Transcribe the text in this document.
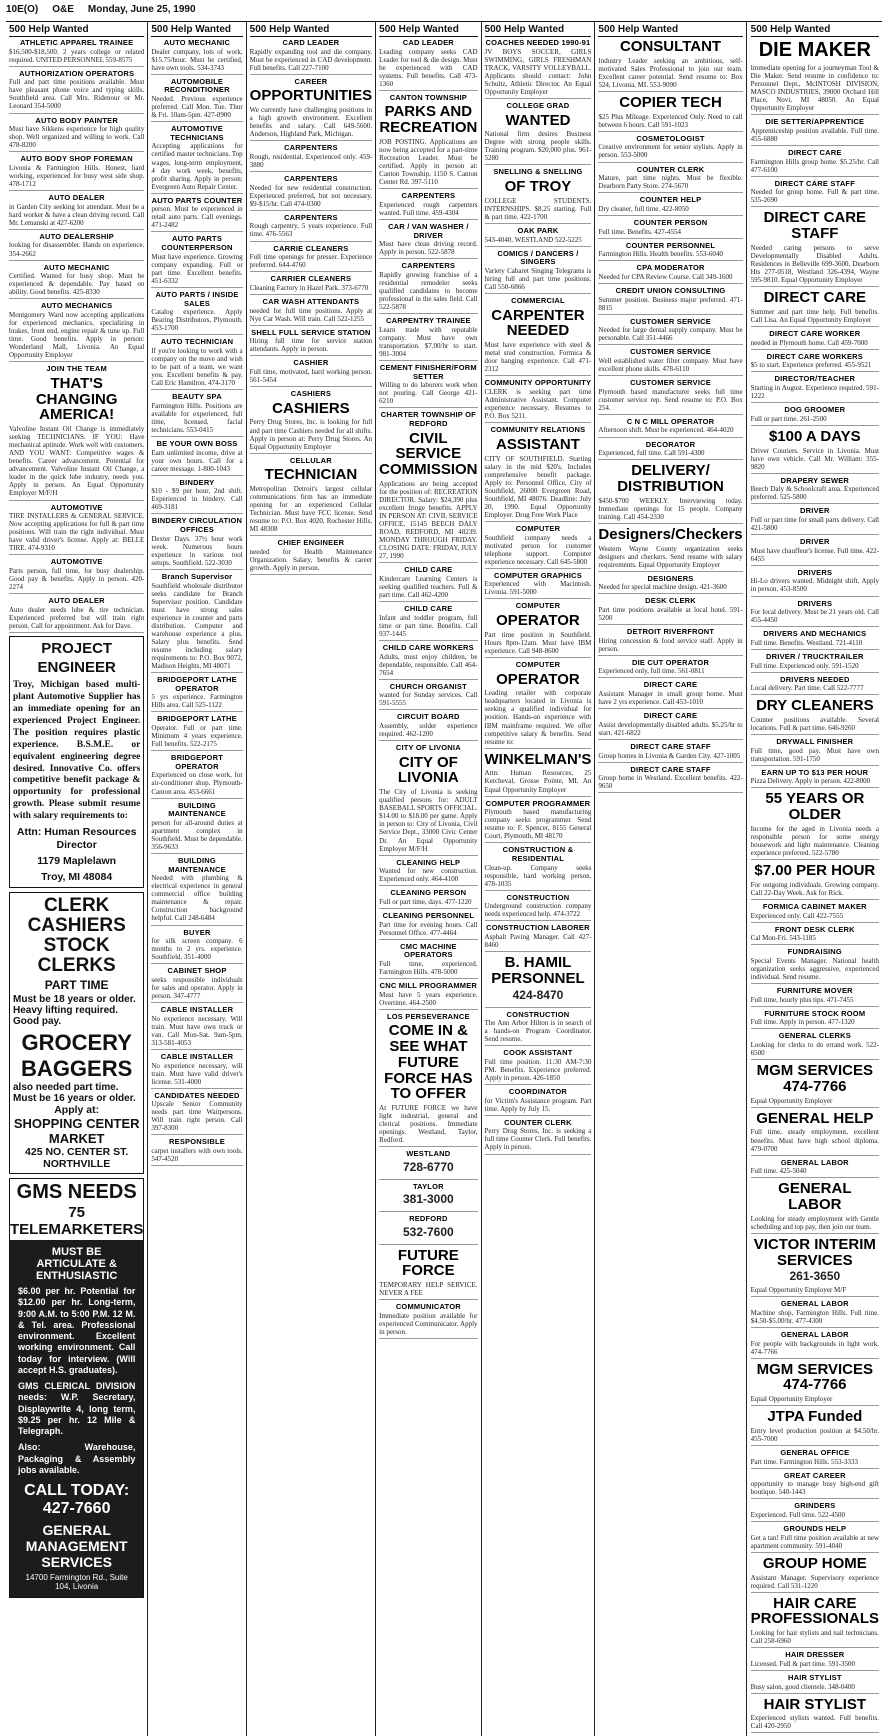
10E(O) O&E Monday, June 25, 1990
500 Help Wanted
ATHLETIC APPAREL TRAINEE
$16,500-$18,500. 2 years college or related required. UNITED PERSONNEL 559-8575
AUTHORIZATION OPERATORS
Full and part time positions available. Must have pleasant phone voice and typing skills. Southfield area. Call Mrs. Ridenour or Mr. Leonard 354-5000
AUTO BODY PAINTER
Must have Sikkens experience for high quality shop. Well organized and willing to work. Call 478-8200
AUTO BODY SHOP FOREMAN
Livonia & Farmington Hills. Honest, hard working, experienced for busy west side shop. 478-1712
AUTO DEALER
in Garden City seeking lot attendant. Must be a hard worker & have a clean driving record. Call Mr. Lemanski at 427-6200
AUTO DEALERSHIP
looking for disassembler. Hands on experience. 354-2662
AUTO MECHANIC
Certified. Wanted for busy shop. Must be experienced & dependable. Pay based on ability. Good benefits. 425-8330
AUTO MECHANICS
Montgomery Ward now accepting applications for experienced mechanics, specializing in brakes, front end, engine repair & tune up. Full time. Good benefits. Apply in person: Wonderland Mall, Livonia. An Equal Opportunity Employer
JOIN THE TEAM
THAT'S CHANGING AMERICA!
Valvoline Instant Oil Change is immediately seeking TECHNICIANS. IF YOU: Have mechanical aptitude. Work well with customers. AND YOU WANT: Competitive wages & benefits. Career advancement. Potential for advancement. Valvoline Instant Oil Change, a leader in the quick lube industry, needs you. Apply in person. An Equal Opportunity Employer M/F/H
AUTOMOTIVE
TIRE INSTALLERS & GENERAL SERVICE. Now accepting applications for full & part time positions. Will train the right individual. Must have valid driver's license. Apply at: BELLE TIRE. 474-9310
AUTOMOTIVE
Parts person, full time, for busy dealership. Good pay & benefits. Apply in person. 420-2274
AUTO DEALER
Auto dealer needs lube & tire technician. Experienced preferred but will train right person. Call for appointment. Ask for Dave.
PROJECT ENGINEER
Troy, Michigan based multi-plant Automotive Supplier has an immediate opening for an experienced Project Engineer. The position requires plastic experience. B.S.M.E. or equivalent engineering degree desired. Innovative Co. offers competitive benefit package & opportunity for professional growth. Please submit resume with salary requirements to:
Attn: Human Resources Director
1179 Maplelawn
Troy, MI 48084
CLERK CASHIERS
STOCK CLERKS
PART TIME
Must be 18 years or older. Heavy lifting required. Good pay.
GROCERY BAGGERS
also needed part time. Must be 16 years or older.
Apply at:
SHOPPING CENTER MARKET
425 NO. CENTER ST.
NORTHVILLE
GMS NEEDS
75 TELEMARKETERS
MUST BE ARTICULATE & ENTHUSIASTIC
$6.00 per hr. Potential for $12.00 per hr. Long-term, 9:00 A.M. to 5:00 P.M. 12 M. & Tel. area. Professional environment. Excellent working environment. Call today for interview. (Will accept H.S. graduates).
GMS CLERICAL DIVISION needs: W.P. Secretary, Displaywrite 4, long term, $9.25 per hr. 12 Mile & Telegraph.
Also: Warehouse, Packaging & Assembly jobs available.
CALL TODAY: 427-7660
GENERAL MANAGEMENT SERVICES
14700 Farmington Rd., Suite 104, Livonia
500 Help Wanted
AUTO MECHANIC
Dealer company, lots of work, $15.75/hour. Must be certified, have own tools. 534-3743
AUTOMOBILE RECONDITIONER
Needed. Previous experience preferred. Call Mon. Tue. Thur & Fri. 10am-5pm. 427-0900
AUTOMOTIVE TECHNICIANS
Accepting applications for certified master technicians. Top wages, long-term employment, 4 day work week, benefits, profit sharing. Apply in person: Evergreen Auto Repair Center.
AUTO PARTS COUNTER
person. Must be experienced in retail auto parts. Call evenings. 471-2482
AUTO PARTS COUNTERPERSON
Must have experience. Growing company expanding. Full or part time. Excellent benefits. 451-6332
AUTO PARTS / INSIDE SALES
Catalog experience. Apply Bearing Distributors, Plymouth. 453-1700
AUTO TECHNICIAN
If you're looking to work with a company on the move and wish to be part of a team, we want you. Excellent benefits & pay. Call Eric Hamilton. 474-3170
BEAUTY SPA
Farmington Hills. Positions are available for experienced, full time, licensed, facial technicians. 553-0415
BE YOUR OWN BOSS
Earn unlimited income, drive at your own hours. Call for a career message. 1-800-1043
BINDERY
$10 - $9 per hour, 2nd shift. Experienced in bindery. Call 469-3181
BINDERY CIRCULATION OFFICES
Dexter Days. 37½ hour work week. Numerous hours experience in various tool setups. Southfield. 522-3030
Branch Supervisor
Southfield wholesale distributor seeks candidate for Branch Supervisor position. Candidate must have strong sales experience in counter and parts distribution. Computer and warehouse experience a plus. Salary plus benefits. Send resume including salary requirements to: P.O. Box 9072, Madison Heights, MI 48071
BRIDGEPORT LATHE OPERATOR
5 yrs experience. Farmington Hills area. Call 525-1122
BRIDGEPORT LATHE
Operator. Full or part time. Minimum 4 years experience. Full benefits. 522-2175
BRIDGEPORT OPERATOR
Experienced on close work, for air-conditioner shop. Plymouth-Canton area. 453-6661
BUILDING MAINTENANCE
person for all-around duties at apartment complex in Southfield. Must be dependable. 356-9633
BUILDING MAINTENANCE
Needed with plumbing & electrical experience in general commercial office building maintenance & repair. Construction background helpful. Call 248-6484
BUYER
for silk screen company. 6 months to 2 yrs. experience. Southfield. 351-4000
CABINET SHOP
seeks responsible individuals for sales and operator. Apply in person. 347-4777
CABLE INSTALLER
No experience necessary. Will train. Must have own truck or van. Call Mon-Sat. 9am-5pm. 313-581-4053
CABLE INSTALLER
No experience necessary, will train. Must have valid driver's license. 531-4000
CANDIDATES NEEDED
Upscale Senior Community needs part time Waitpersons. Will train right person. Call 397-8300
RESPONSIBLE
carpet installers with own tools. 547-4520
500 Help Wanted
CARD LEADER
Rapidly expanding tool and die company. Must be experienced in CAD development. Full benefits. Call 227-7100
CAREER
OPPORTUNITIES
We currently have challenging positions in a high growth environment. Excellent benefits and salary. Call 649-5600. Anderson, Highland Park, Michigan.
CARPENTERS
Rough, residential. Experienced only. 459-3880
CARPENTERS
Needed for new residential construction. Experienced preferred, but not necessary. $9-$15/hr. Call 474-0300
CARPENTERS
Rough carpentry, 5 years experience. Full time. 476-5563
CARRIE CLEANERS
Full time openings for presser. Experience preferred. 644-4760
CARRIER CLEANERS
Cleaning Factory in Hazel Park. 373-6770
CAR WASH ATTENDANTS
needed for full time positions. Apply at Nye Car Wash. Will train. Call 522-1255
SHELL FULL SERVICE STATION
Hiring full time for service station attendants. Apply in person.
CASHIER
Full time, motivated, hard working person. 561-5454
CASHIERS
CASHIERS
Perry Drug Stores, Inc. is looking for full and part time Cashiers needed for all shifts. Apply in person at: Perry Drug Stores. An Equal Opportunity Employer
CELLULAR
TECHNICIAN
Metropolitan Detroit's largest cellular communications firm has an immediate opening for an experienced Cellular Technician. Must have FCC license. Send resume to: P.O. Box 4020, Rochester Hills, MI 48308
CHIEF ENGINEER
needed for Health Maintenance Organization. Salary, benefits & career growth. Apply in person.
500 Help Wanted
CAD LEADER
Leading company seeks CAD Leader for tool & die design. Must be experienced with CAD systems. Full benefits. Call 473-1360
CANTON TOWNSHIP
PARKS AND RECREATION
JOB POSTING. Applications are now being accepted for a part-time Recreation Leader. Must be certified. Apply in person at: Canton Township, 1150 S. Canton Center Rd. 397-5110
CARPENTERS
Experienced rough carpenters wanted. Full time. 459-4304
CAR / VAN WASHER / DRIVER
Must have clean driving record. Apply in person. 522-5878
CARPENTERS
Rapidly growing franchise of a residential remodeler seeks qualified candidates to become professional in the sales field. Call 522-5878
CARPENTRY TRAINEE
Learn trade with reputable company. Must have own transportation. $7.00/hr to start. 981-3004
CEMENT FINISHER/FORM SETTER
Willing to do laborers work when not pouring. Call George 421-6210
CHARTER TOWNSHIP OF REDFORD
CIVIL SERVICE COMMISSION
Applications are being accepted for the position of: RECREATION DIRECTOR. Salary: $24,390 plus excellent fringe benefits. APPLY IN PERSON AT: CIVIL SERVICE OFFICE, 15145 BEECH DALY ROAD, REDFORD, MI 48239. MONDAY THROUGH FRIDAY. CLOSING DATE: FRIDAY, JULY 27, 1990
CHILD CARE
Kindercare Learning Centers is seeking qualified teachers. Full & part time. Call 462-4200
CHILD CARE
Infant and toddler program, full time or part time. Benefits. Call 937-1445
CHILD CARE WORKERS
Adults, must enjoy children, be dependable, responsible. Call 464-7654
CHURCH ORGANIST
wanted for Sunday services. Call 591-5555
CIRCUIT BOARD
Assembly, solder experience required. 462-1200
CITY OF LIVONIA
CITY OF LIVONIA
The City of Livonia is seeking qualified persons for: ADULT BASEBALL SPORTS OFFICIAL. $14.00 to $18.00 per game. Apply in person to: City of Livonia, Civil Service Dept., 33000 Civic Center Dr. An Equal Opportunity Employer M/F/H
CLEANING HELP
Wanted for new construction. Experienced only. 464-4100
CLEANING PERSON
Full or part time, days. 477-1220
CLEANING PERSONNEL
Part time for evening hours. Call Personnel Office. 477-4464
CMC MACHINE OPERATORS
Full time, experienced. Farmington Hills. 478-5000
CNC MILL PROGRAMMER
Must have 5 years experience. Overtime. 464-2500
LOS PERSEVERANCE
COME IN & SEE WHAT FUTURE FORCE HAS TO OFFER
At FUTURE FORCE we have light industrial, general and clerical positions. Immediate openings. Westland, Taylor, Redford.
WESTLAND
728-6770
TAYLOR
381-3000
REDFORD
532-7600
FUTURE FORCE
TEMPORARY HELP SERVICE. NEVER A FEE
COMMUNICATOR
Immediate position available for experienced Communicator. Apply in person.
500 Help Wanted
COACHES NEEDED 1990-91
JV BOYS SOCCER, GIRLS SWIMMING, GIRLS FRESHMAN TRACK, VARSITY VOLLEYBALL. Applicants should contact: John Schultz, Athletic Director. An Equal Opportunity Employer
COLLEGE GRAD
WANTED
National firm desires Business Degree with strong people skills. Training program. $20,000 plus. 961-5280
SNELLING & SNELLING
OF TROY
COLLEGE STUDENTS. INTERNSHIPS. $8.25 starting. Full & part time. 422-1700
OAK PARK
543-4040. WESTLAND 522-5225
COMICS / DANCERS / SINGERS
Variety Cabaret Singing Telegrams is hiring full and part time positions. Call 550-6866
COMMERCIAL
CARPENTER NEEDED
Must have experience with steel & metal stud construction. Formica & door hanging experience. Call 471-2312
COMMUNITY OPPORTUNITY
CLERK is seeking part time Administrative Assistant. Computer experience necessary. Resumes to P.O. Box 5211.
COMMUNITY RELATIONS
ASSISTANT
CITY OF SOUTHFIELD. Starting salary in the mid $20's. Includes comprehensive benefit package. Apply to: Personnel Office, City of Southfield, 26000 Evergreen Road, Southfield, MI 48076. Deadline: July 20, 1990. Equal Opportunity Employer. Drug Free Work Place
COMPUTER
Southfield company needs a motivated person for customer telephone support. Computer experience necessary. Call 645-5800
COMPUTER GRAPHICS
Experienced with Macintosh. Livonia. 591-5000
COMPUTER
OPERATOR
Part time position in Southfield. Hours 8pm-12am. Must have IBM experience. Call 948-8600
COMPUTER
OPERATOR
Leading retailer with corporate headquarters located in Livonia is seeking a qualified individual for position. Hands-on experience with IBM mainframe required. We offer competitive salary & benefits. Send resume to:
WINKELMAN'S
Attn: Human Resources, 25 Kercheval, Grosse Pointe, MI. An Equal Opportunity Employer
COMPUTER PROGRAMMER
Plymouth based manufacturing company seeks programmer. Send resume to: F. Spencer, 8155 General Court, Plymouth, MI 48170
CONSTRUCTION & RESIDENTIAL
Clean-up. Company seeks responsible, hard working person. 478-1035
CONSTRUCTION
Underground construction company needs experienced help. 474-3722
CONSTRUCTION LABORER
Asphalt Paving Manager. Call 427-8460
B. HAMIL PERSONNEL
424-8470
CONSTRUCTION
The Ann Arbor Hilton is in search of a hands-on Program Coordinator. Send resume.
COOK ASSISTANT
Full time position. 11:30 AM-7:30 PM. Benefits. Experience preferred. Apply in person. 426-1850
COORDINATOR
for Victim's Assistance program. Part time. Apply by July 15.
COUNTER CLERK
Perry Drug Stores, Inc. is seeking a full time Counter Clerk. Full benefits. Apply in person.
500 Help Wanted
CONSULTANT
Industry Leader seeking an ambitious, self-motivated Sales Professional to join our team. Excellent career potential. Send resume to: Box 524, Livonia, MI. 553-9090
COPIER TECH
$25 Plus Mileage. Experienced Only. Need to call between 6 hours. Call 591-1023
COSMETOLOGIST
Creative environment for senior stylists. Apply in person. 553-5000
COUNTER CLERK
Mature, part time nights. Must be flexible. Dearborn Party Store. 274-5670
COUNTER HELP
Dry cleaner, full time. 422-8050
COUNTER PERSON
Full time. Benefits. 427-4554
COUNTER PERSONNEL
Farmington Hills. Health benefits. 553-6040
CPA MODERATOR
Needed for CPA Review Course. Call 349-1600
CREDIT UNION CONSULTING
Summer position. Business major preferred. 471-8815
CUSTOMER SERVICE
Needed for large dental supply company. Must be personable. Call 351-4466
CUSTOMER SERVICE
Well established water filter company. Must have excellent phone skills. 478-6110
CUSTOMER SERVICE
Plymouth based manufacturer seeks full time customer service rep. Send resume to: P.O. Box 254.
C N C MILL OPERATOR
Afternoon shift. Must be experienced. 464-4020
DECORATOR
Experienced, full time. Call 591-4300
DELIVERY/ DISTRIBUTION
$450-$700 WEEKLY. Interviewing today. Immediate openings for 15 people. Company training. Call 454-2330
Designers/Checkers
Western Wayne County organization seeks designers and checkers. Send resume with salary requirements. Equal Opportunity Employer
DESIGNERS
Needed for special machine design. 421-3600
DESK CLERK
Part time positions available at local hotel. 591-5200
DETROIT RIVERFRONT
Hiring concession & food service staff. Apply in person.
DIE CUT OPERATOR
Experienced only, full time. 561-0811
DIRECT CARE
Assistant Manager in small group home. Must have 2 yrs experience. Call 453-1010
DIRECT CARE
Assist developmentally disabled adults. $5.25/hr to start. 421-6822
DIRECT CARE STAFF
Group homes in Livonia & Garden City. 427-1005
DIRECT CARE STAFF
Group home in Westland. Excellent benefits. 422-9650
500 Help Wanted
DIE MAKER
Immediate opening for a journeyman Tool & Die Maker. Send resume in confidence to: Personnel Dept., McINTOSH DIVISION, MASCO INDUSTRIES, 39000 Orchard Hill Place, Novi, MI 48050. An Equal Opportunity Employer
DIE SETTER/APPRENTICE
Apprenticeship position available. Full time. 455-6880
DIRECT CARE
Farmington Hills group home. $5.25/hr. Call 477-6100
DIRECT CARE STAFF
Needed for group home. Full & part time. 535-2690
DIRECT CARE STAFF
Needed caring persons to serve Developmentally Disabled Adults. Residences in Belleville 699-3600, Dearborn Hts 277-0518, Westland 326-4394, Wayne 595-9810. Equal Opportunity Employer
DIRECT CARE
Summer and part time help. Full benefits. Call Lisa. An Equal Opportunity Employer
DIRECT CARE WORKER
needed in Plymouth home. Call 459-7000
DIRECT CARE WORKERS
$5 to start. Experience preferred. 455-9521
DIRECTOR/TEACHER
Starting in August. Experience required. 591-1222
DOG GROOMER
Full or part time. 261-2500
$100 A DAYS
Driver Couriers. Service in Livonia. Must have own vehicle. Call Mr. William: 355-9820
DRAPERY SEWER
Beech Daly & Schoolcraft area. Experienced preferred. 525-5800
DRIVER
Full or part time for small parts delivery. Call 421-5800
DRIVER
Must have chauffeur's license. Full time. 422-6455
DRIVERS
Hi-Lo drivers wanted. Midnight shift. Apply in person. 453-8500
DRIVERS
For local delivery. Must be 21 years old. Call 455-4450
DRIVERS AND MECHANICS
Full time. Benefits. Westland. 721-4110
DRIVER / TRUCKTRAILER
Full time. Experienced only. 591-1520
DRIVERS NEEDED
Local delivery. Part time. Call 522-7777
DRY CLEANERS
Counter positions available. Several locations. Full & part time. 646-9260
DRYWALL FINISHER
Full time, good pay. Must have own transportation. 591-1750
EARN UP TO $13 PER HOUR
Pizza Delivery. Apply in person. 422-8000
55 YEARS OR OLDER
Income for the aged in Livonia needs a responsible person for some energy housework and light maintenance. Cleaning experience preferred. 522-5780
$7.00 PER HOUR
For outgoing individuals. Growing company. Call 22-Day Week. Ask for Rick.
FORMICA CABINET MAKER
Experienced only. Call 422-7555
FRONT DESK CLERK
Cal Mon-Fri. 543-1185
FUNDRAISING
Special Events Manager. National health organization seeks aggressive, experienced individual. Send resume.
FURNITURE MOVER
Full time, hourly plus tips. 471-7455
FURNITURE STOCK ROOM
Full time. Apply in person. 477-1320
GENERAL CLERKS
Looking for clerks to do errand work. 522-6500
MGM SERVICES 474-7766
Equal Opportunity Employer
GENERAL HELP
Full time, steady employment, excellent benefits. Must have high school diploma. 479-0700
GENERAL LABOR
Full time. 425-5040
GENERAL LABOR
Looking for steady employment with Gentle scheduling and top pay, then join our team.
VICTOR INTERIM SERVICES
261-3650
Equal Opportunity Employer M/F
GENERAL LABOR
Machine shop, Farmington Hills. Full time. $4.50-$5.00/hr. 477-4300
GENERAL LABOR
For people with backgrounds in light work. 474-7766
MGM SERVICES 474-7766
Equal Opportunity Employer
JTPA Funded
Entry level production position at $4.50/hr. 455-7000
GENERAL OFFICE
Part time. Farmington Hills. 553-3333
GREAT CAREER
opportunity to manage busy high-end gift boutique. 540-1443
GRINDERS
Experienced. Full time. 522-4500
GROUNDS HELP
Get a tan! Full time position available at new apartment community. 591-4040
GROUP HOME
Assistant Manager. Supervisory experience required. Call 531-1220
HAIR CARE PROFESSIONALS
Looking for hair stylists and nail technicians. Call 258-6960
HAIR DRESSER
Licensed. Full & part time. 591-3500
HAIR STYLIST
Busy salon, good clientele. 348-0400
HAIR STYLIST
Experienced stylists wanted. Full benefits. Call 420-2950
